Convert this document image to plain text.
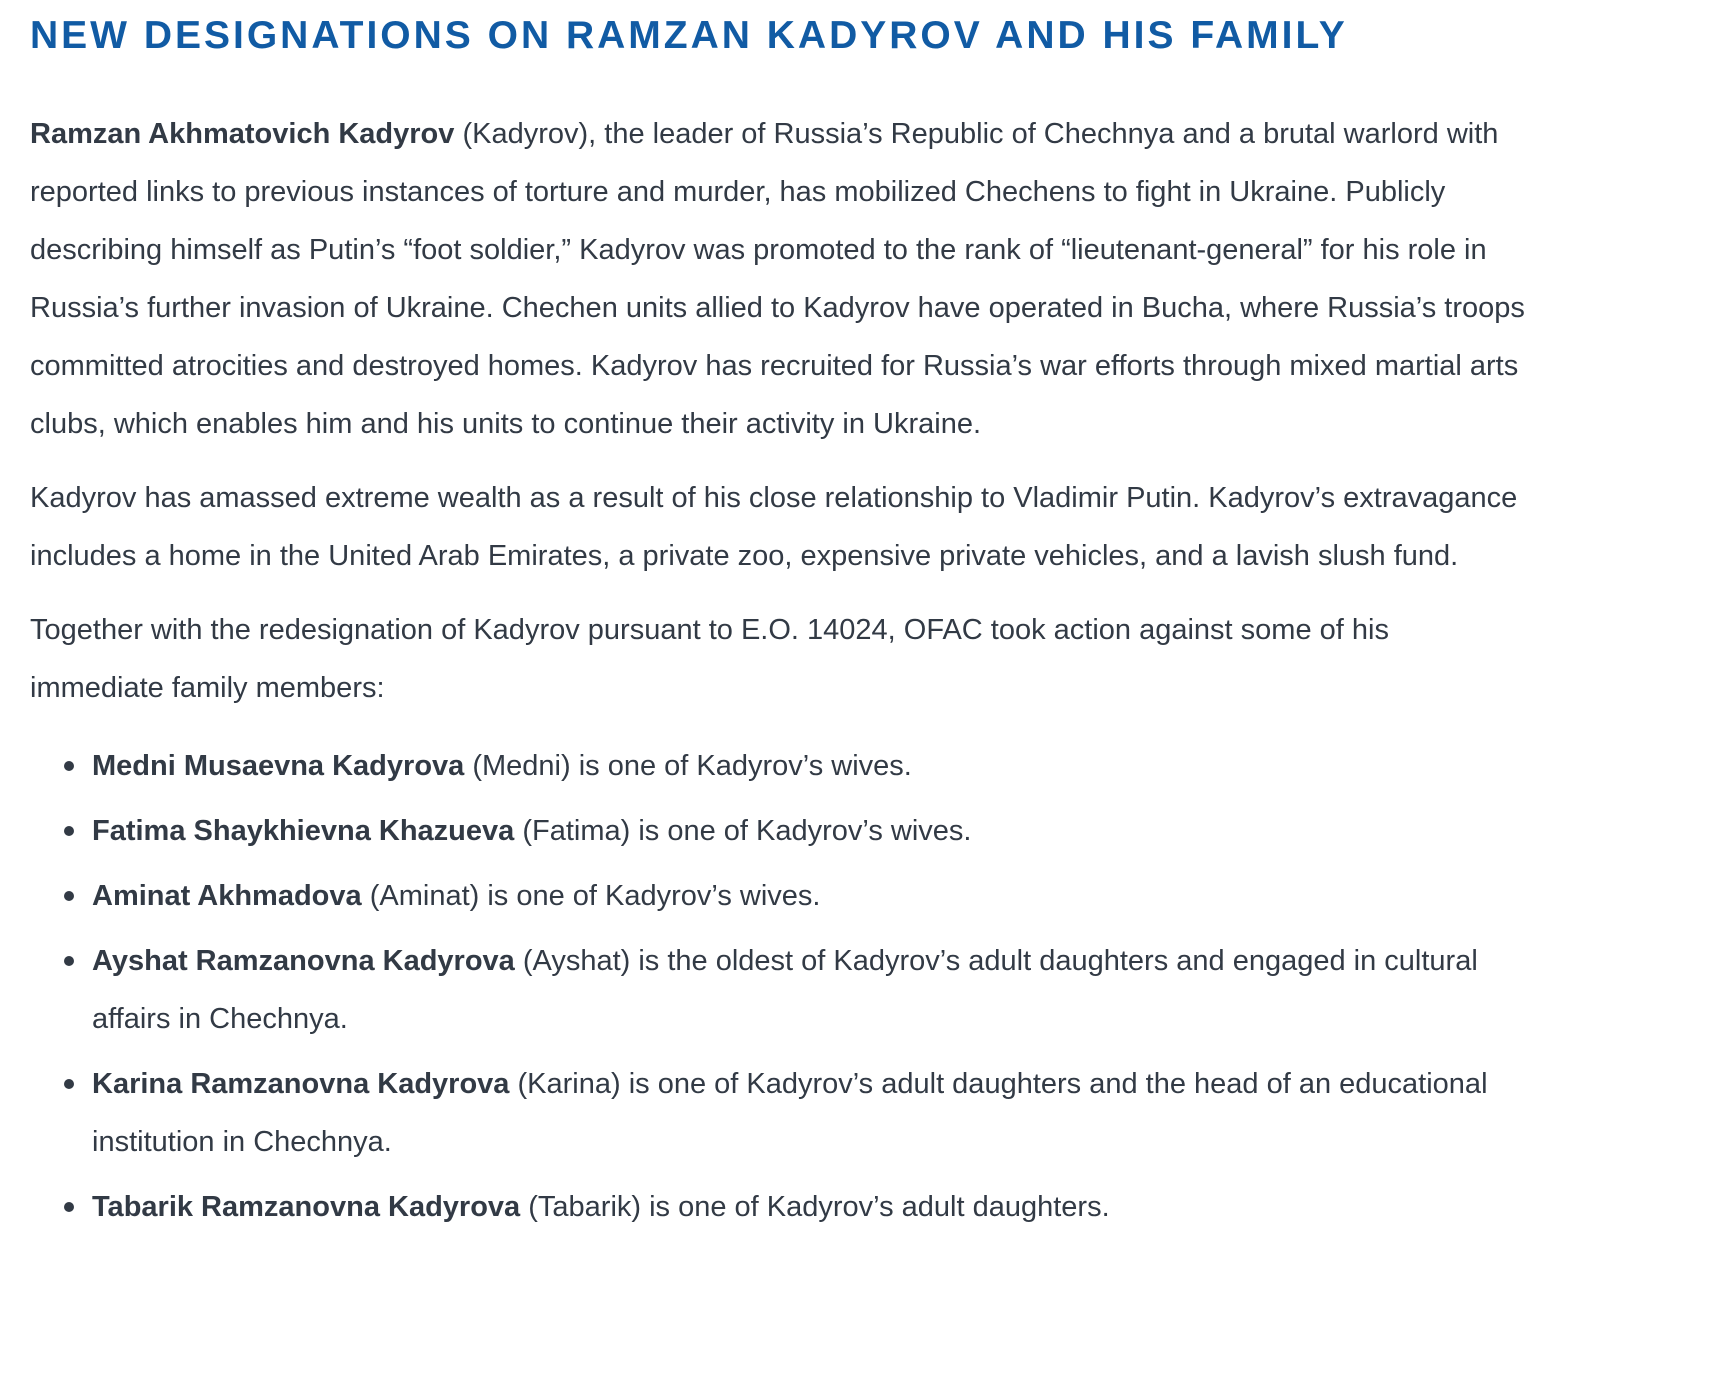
NEW DESIGNATIONS ON RAMZAN KADYROV AND HIS FAMILY

Ramzan Akhmatovich Kadyrov (Kadyrov), the leader of Russia’s Republic of Chechnya and a brutal warlord with reported links to previous instances of torture and murder, has mobilized Chechens to fight in Ukraine. Publicly describing himself as Putin’s “foot soldier,” Kadyrov was promoted to the rank of “lieutenant-general” for his role in Russia’s further invasion of Ukraine. Chechen units allied to Kadyrov have operated in Bucha, where Russia’s troops committed atrocities and destroyed homes. Kadyrov has recruited for Russia’s war efforts through mixed martial arts clubs, which enables him and his units to continue their activity in Ukraine.

Kadyrov has amassed extreme wealth as a result of his close relationship to Vladimir Putin. Kadyrov’s extravagance includes a home in the United Arab Emirates, a private zoo, expensive private vehicles, and a lavish slush fund.

Together with the redesignation of Kadyrov pursuant to E.O. 14024, OFAC took action against some of his immediate family members:

Medni Musaevna Kadyrova (Medni) is one of Kadyrov’s wives.
Fatima Shaykhievna Khazueva (Fatima) is one of Kadyrov’s wives.
Aminat Akhmadova (Aminat) is one of Kadyrov’s wives.
Ayshat Ramzanovna Kadyrova (Ayshat) is the oldest of Kadyrov’s adult daughters and engaged in cultural affairs in Chechnya.
Karina Ramzanovna Kadyrova (Karina) is one of Kadyrov’s adult daughters and the head of an educational institution in Chechnya.
Tabarik Ramzanovna Kadyrova (Tabarik) is one of Kadyrov’s adult daughters.
